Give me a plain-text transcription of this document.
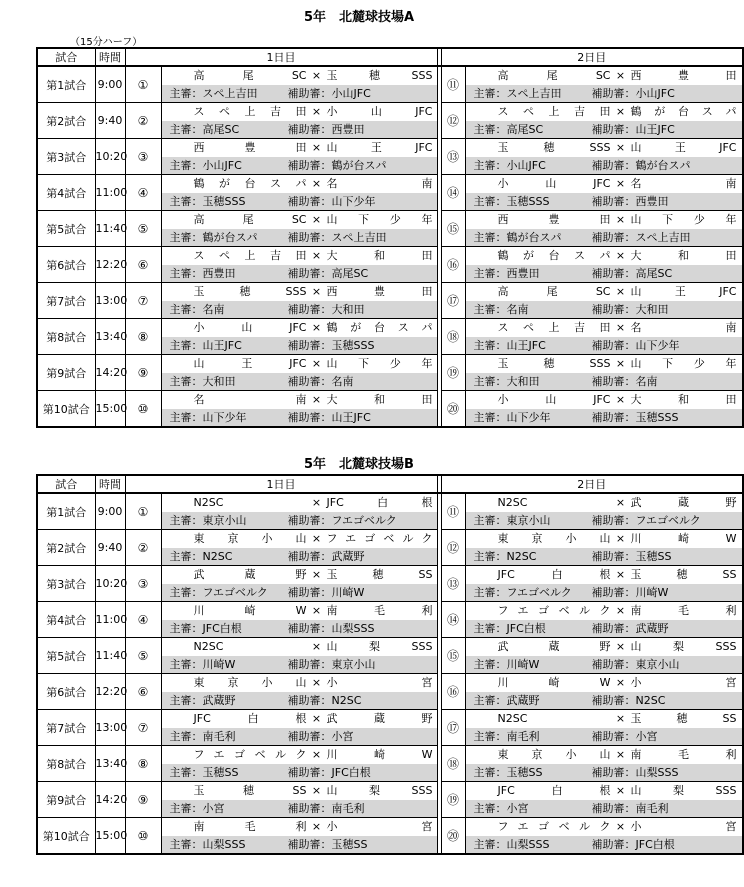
5年　北麓球技場A
（15分ハーフ）
試合	時間	1日目			2日目	
第1試合	9:00	①	高尾SC × 玉穂SSS		⑪	高尾SC × 西豊田

			主審：スペ上吉田 補助審：小山JFC			主審：スペ上吉田 補助審：小山JFC

第2試合	9:40	②	スペ上吉田 × 小山JFC		⑫	スペ上吉田 × 鶴が台スパ

			主審：高尾SC 補助審：西豊田			主審：高尾SC 補助審：山王JFC

第3試合	10:20	③	西豊田 × 山王JFC		⑬	玉穂SSS × 山王JFC

			主審：小山JFC 補助審：鶴が台スパ			主審：小山JFC 補助審：鶴が台スパ

第4試合	11:00	④	鶴が台スパ × 名南		⑭	小山JFC × 名南

			主審：玉穂SSS 補助審：山下少年			主審：玉穂SSS 補助審：西豊田

第5試合	11:40	⑤	高尾SC × 山下少年		⑮	西豊田 × 山下少年

			主審：鶴が台スパ 補助審：スペ上吉田			主審：鶴が台スパ 補助審：スペ上吉田

第6試合	12:20	⑥	スペ上吉田 × 大和田		⑯	鶴が台スパ × 大和田

			主審：西豊田 補助審：高尾SC			主審：西豊田 補助審：高尾SC

第7試合	13:00	⑦	玉穂SSS × 西豊田		⑰	高尾SC × 山王JFC

			主審：名南 補助審：大和田			主審：名南 補助審：大和田

第8試合	13:40	⑧	小山JFC × 鶴が台スパ		⑱	スペ上吉田 × 名南

			主審：山王JFC 補助審：玉穂SSS			主審：山王JFC 補助審：山下少年

第9試合	14:20	⑨	山王JFC × 山下少年		⑲	玉穂SSS × 山下少年

			主審：大和田 補助審：名南			主審：大和田 補助審：名南

第10試合	15:00	⑩	名南 × 大和田		⑳	小山JFC × 大和田

			主審：山下少年 補助審：山王JFC			主審：山下少年 補助審：玉穂SSS
5年　北麓球技場B
試合	時間	1日目			2日目	
第1試合	9:00	①	N2SC × JFC白根		⑪	N2SC × 武蔵野

			主審：東京小山 補助審：フエゴベルク			主審：東京小山 補助審：フエゴベルク

第2試合	9:40	②	東京小山 × フエゴベルク		⑫	東京小山 × 川崎W

			主審：N2SC 補助審：武蔵野			主審：N2SC 補助審：玉穂SS

第3試合	10:20	③	武蔵野 × 玉穂SS		⑬	JFC白根 × 玉穂SS

			主審：フエゴベルク 補助審：川崎W			主審：フエゴベルク 補助審：川崎W

第4試合	11:00	④	川崎W × 南毛利		⑭	フエゴベルク × 南毛利

			主審：JFC白根 補助審：山梨SSS			主審：JFC白根 補助審：武蔵野

第5試合	11:40	⑤	N2SC × 山梨SSS		⑮	武蔵野 × 山梨SSS

			主審：川崎W 補助審：東京小山			主審：川崎W 補助審：東京小山

第6試合	12:20	⑥	東京小山 × 小宮		⑯	川崎W × 小宮

			主審：武蔵野 補助審：N2SC			主審：武蔵野 補助審：N2SC

第7試合	13:00	⑦	JFC白根 × 武蔵野		⑰	N2SC × 玉穂SS

			主審：南毛利 補助審：小宮			主審：南毛利 補助審：小宮

第8試合	13:40	⑧	フエゴベルク × 川崎W		⑱	東京小山 × 南毛利

			主審：玉穂SS 補助審：JFC白根			主審：玉穂SS 補助審：山梨SSS

第9試合	14:20	⑨	玉穂SS × 山梨SSS		⑲	JFC白根 × 山梨SSS

			主審：小宮 補助審：南毛利			主審：小宮 補助審：南毛利

第10試合	15:00	⑩	南毛利 × 小宮		⑳	フエゴベルク × 小宮

			主審：山梨SSS 補助審：玉穂SS			主審：山梨SSS 補助審：JFC白根
